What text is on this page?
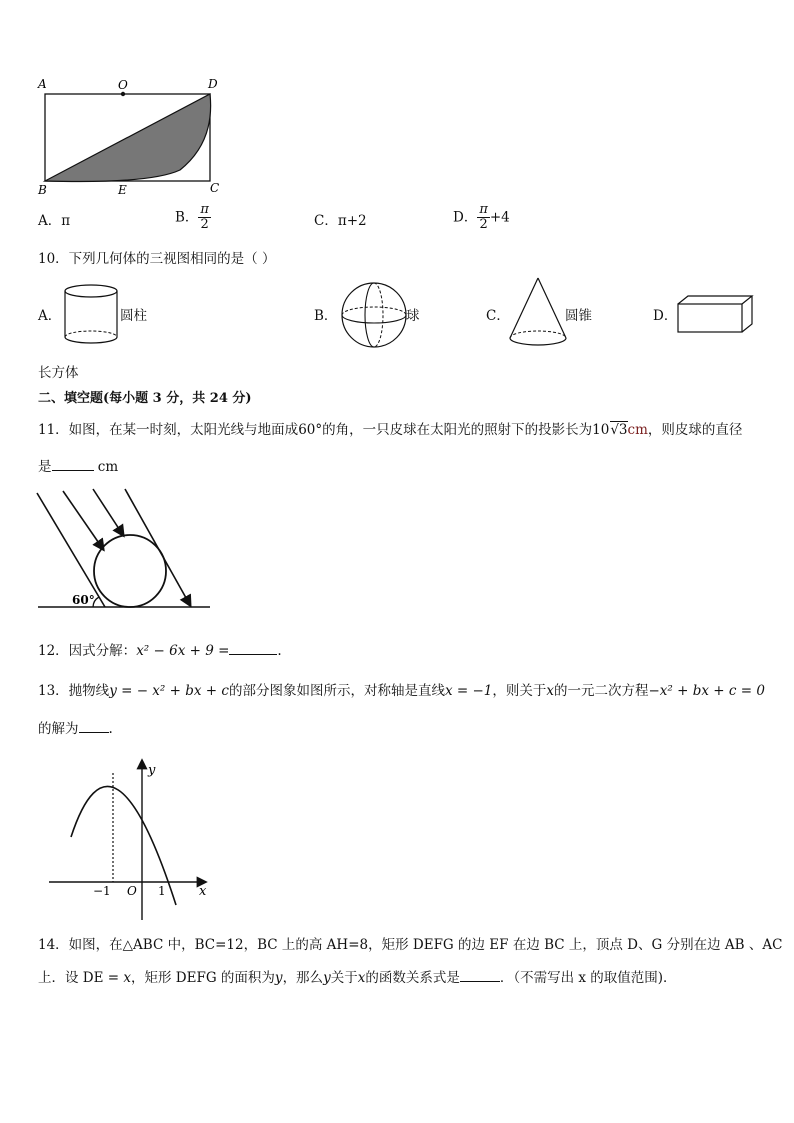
A	O	D
B	E	C
A．π	B． $\frac{\pi}{2}$	C．π+2	D． $\frac{\pi}{2} +4$
10．下列几何体的三视图相同的是（ ）
A．	圆柱	B．	球	C．	圆锥	D．
长方体
二、填空题(每小题 3 分，共 24 分)
11．如图，在某一时刻，太阳光线与地面成60°的角，一只皮球在太阳光的照射下的投影长为10√3cm，则皮球的直径
是	cm
60°
12．因式分解：x² − 6x + 9 =	.
13．抛物线y = − x² + bx + c的部分图象如图所示，对称轴是直线x = −1，则关于x的一元二次方程−x² + bx + c = 0
的解为 .
y
x
−1 O 1
14．如图，在△ABC 中，BC=12，BC 上的高 AH=8，矩形 DEFG 的边 EF 在边 BC 上，顶点 D、G 分别在边 AB 、AC
上．设 DE = x，矩形 DEFG 的面积为y，那么y关于x的函数关系式是	．（不需写出 x 的取值范围)．
